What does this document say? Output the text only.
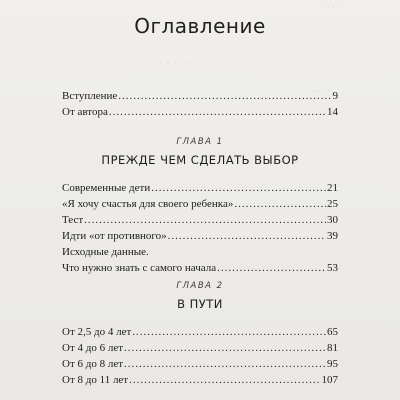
· · ·
· · · · · ·
· · · ·
Оглавление
Вступление .....	9
От автора .....	14
ГЛАВА 1
ПРЕЖДЕ ЧЕМ СДЕЛАТЬ ВЫБОР
Современные дети .....	21
«Я хочу счастья для своего ребенка» .....	25
Тест .....	30
Идти «от противного» .....	39
Исходные данные.
Что нужно знать с самого начала .....	53
ГЛАВА 2
В ПУТИ
От 2,5 до 4 лет .....	65
От 4 до 6 лет .....	81
От 6 до 8 лет .....	95
От 8 до 11 лет .....	107
